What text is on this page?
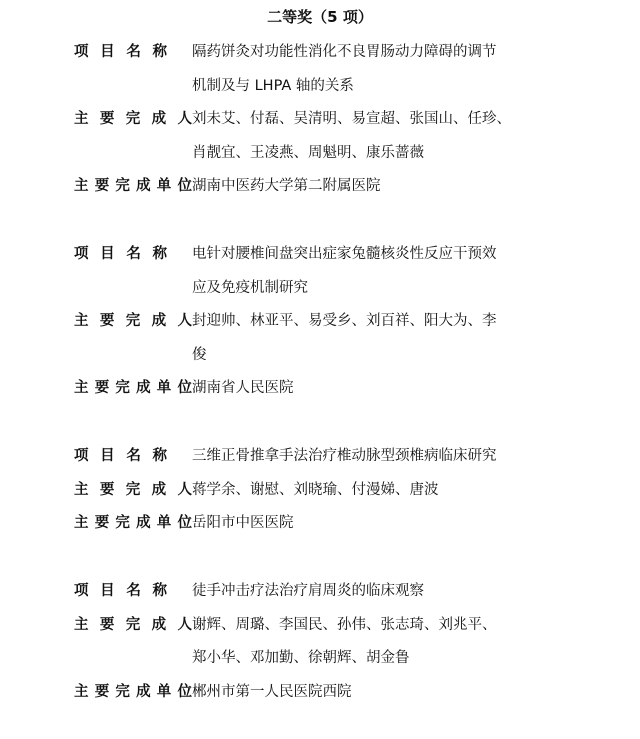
二等奖（5 项）
项 目 名 称 隔药饼灸对功能性消化不良胃肠动力障碍的调节
机制及与 LHPA 轴的关系
主 要 完 成 人 刘未艾、付磊、吴清明、易宣超、张国山、任珍、
肖靓宜、王凌燕、周魁明、康乐蔷薇
主要完成单位 湖南中医药大学第二附属医院
项 目 名 称 电针对腰椎间盘突出症家兔髓核炎性反应干预效
应及免疫机制研究
主 要 完 成 人 封迎帅、林亚平、易受乡、刘百祥、阳大为、李
俊
主要完成单位 湖南省人民医院
项 目 名 称 三维正骨推拿手法治疗椎动脉型颈椎病临床研究
主 要 完 成 人 蒋学余、谢慰、刘晓瑜、付漫娣、唐波
主要完成单位 岳阳市中医医院
项 目 名 称 徒手冲击疗法治疗肩周炎的临床观察
主 要 完 成 人 谢辉、周璐、李国民、孙伟、张志琦、刘兆平、
郑小华、邓加勤、徐朝辉、胡金鲁
主要完成单位 郴州市第一人民医院西院
